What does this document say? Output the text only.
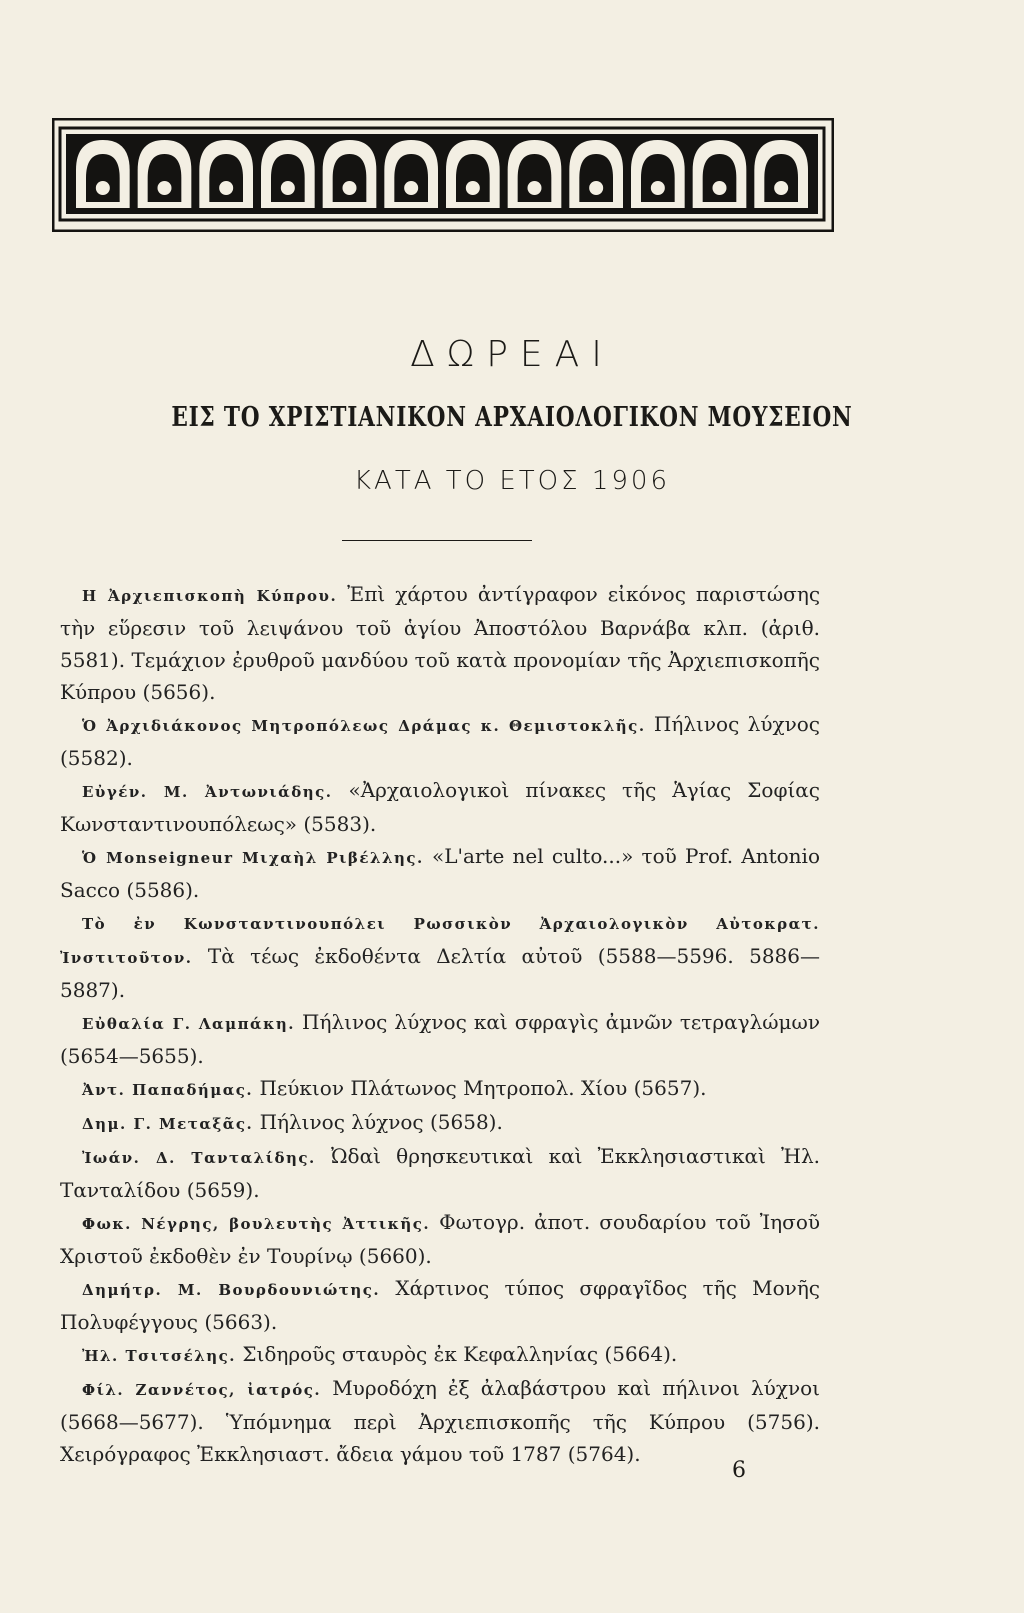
ΔΩΡΕΑΙ
ΕΙΣ ΤΟ ΧΡΙΣΤΙΑΝΙΚΟΝ ΑΡΧΑΙΟΛΟΓΙΚΟΝ ΜΟΥΣΕΙΟΝ
ΚΑΤΑ ΤΟ ΕΤΟΣ 1906

Η Ἀρχιεπισκοπὴ Κύπρου. Ἐπὶ χάρτου ἀντίγραφον εἰκόνος παριστώσης τὴν εὕρεσιν τοῦ λειψάνου τοῦ ἁγίου Ἀποστόλου Βαρνάβα κλπ. (ἀριθ. 5581). Τεμάχιον ἐρυθροῦ μανδύου τοῦ κατὰ προνομίαν τῆς Ἀρχιεπισκοπῆς Κύπρου (5656).

Ὁ Ἀρχιδιάκονος Μητροπόλεως Δράμας κ. Θεμιστοκλῆς. Πήλινος λύχνος (5582).

Εὐγέν. Μ. Ἀντωνιάδης. «Ἀρχαιολογικοὶ πίνακες τῆς Ἁγίας Σοφίας Κωνσταντινουπόλεως» (5583).

Ὁ Monseigneur Μιχαὴλ Ριβέλλης. «L'arte nel culto...» τοῦ Prof. Antonio Sacco (5586).

Τὸ ἐν Κωνσταντινουπόλει Ρωσσικὸν Ἀρχαιολογικὸν Αὐτοκρατ. Ἰνστιτοῦτον. Τὰ τέως ἐκδοθέντα Δελτία αὐτοῦ (5588—5596. 5886—5887).

Εὐθαλία Γ. Λαμπάκη. Πήλινος λύχνος καὶ σφραγὶς ἀμνῶν τετραγλώμων (5654—5655).

Ἀντ. Παπαδήμας. Πεύκιον Πλάτωνος Μητροπολ. Χίου (5657).

Δημ. Γ. Μεταξᾶς. Πήλινος λύχνος (5658).

Ἰωάν. Δ. Τανταλίδης. Ὠδαὶ θρησκευτικαὶ καὶ Ἐκκλησιαστικαὶ Ἠλ. Τανταλίδου (5659).

Φωκ. Νέγρης, βουλευτὴς Ἀττικῆς. Φωτογρ. ἀποτ. σουδαρίου τοῦ Ἰησοῦ Χριστοῦ ἐκδοθὲν ἐν Τουρίνῳ (5660).

Δημήτρ. Μ. Βουρδουνιώτης. Χάρτινος τύπος σφραγῖδος τῆς Μονῆς Πολυφέγγους (5663).

Ἠλ. Τσιτσέλης. Σιδηροῦς σταυρὸς ἐκ Κεφαλληνίας (5664).

Φίλ. Ζαννέτος, ἰατρός. Μυροδόχη ἐξ ἀλαβάστρου καὶ πήλινοι λύχνοι (5668—5677). Ὑπόμνημα περὶ Ἀρχιεπισκοπῆς τῆς Κύπρου (5756). Χειρόγραφος Ἐκκλησιαστ. ἄδεια γάμου τοῦ 1787 (5764).

6
